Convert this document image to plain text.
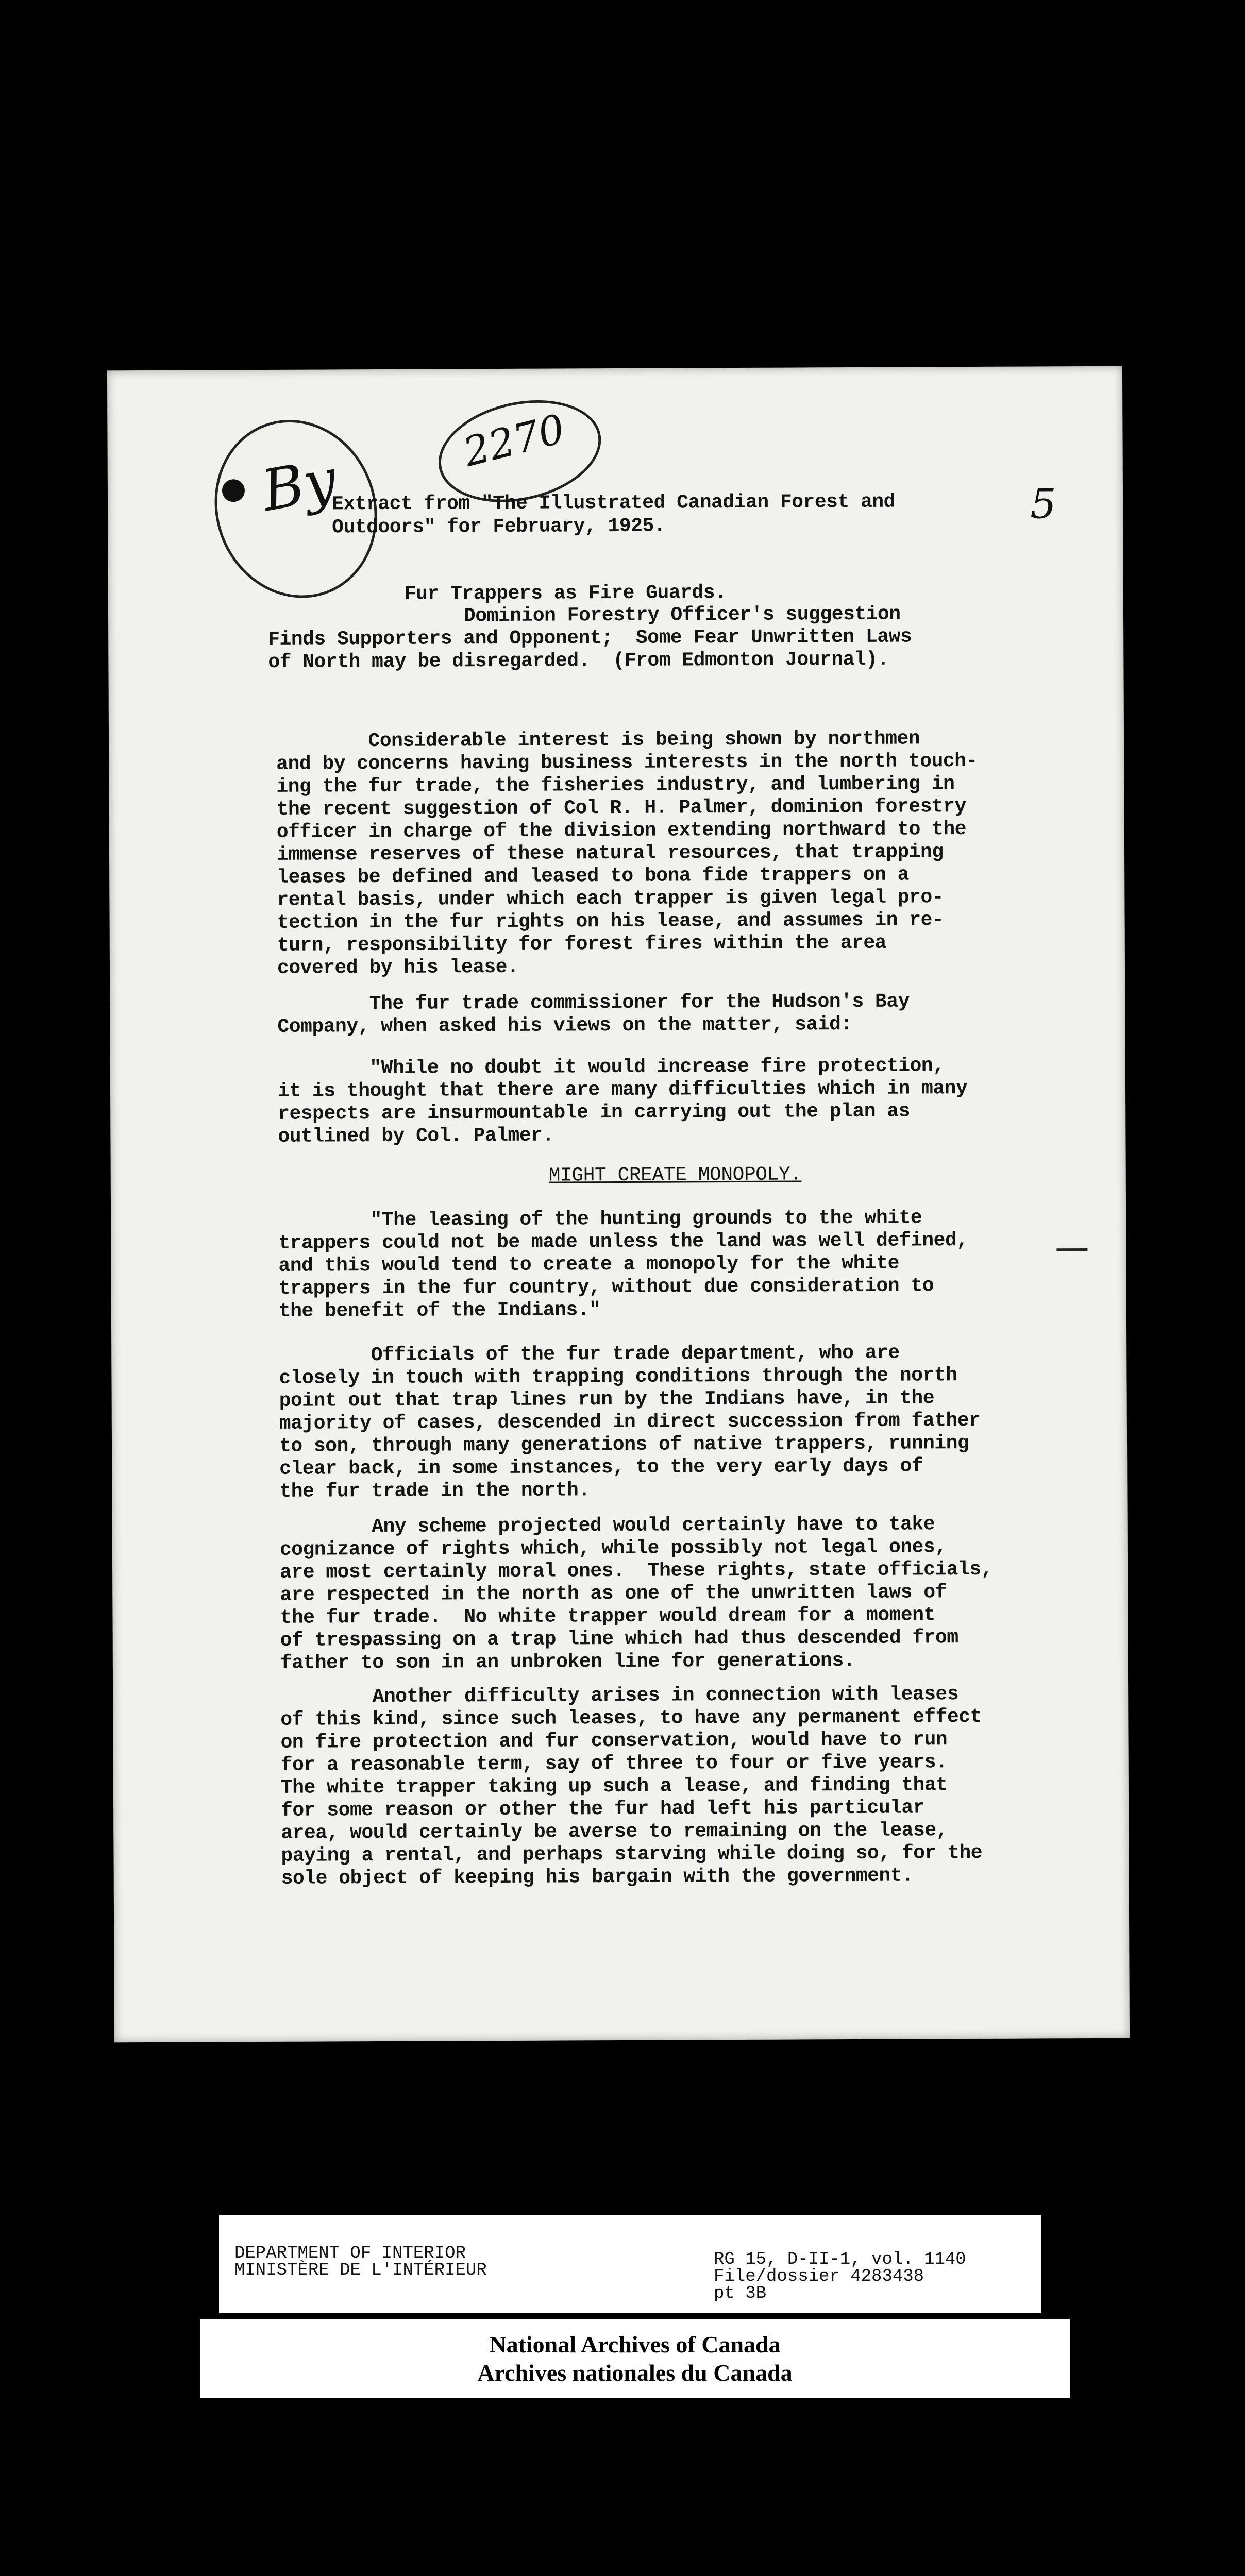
By
2270
5
Extract from "The Illustrated Canadian Forest and
Outdoors" for February, 1925.
Fur Trappers as Fire Guards.
Dominion Forestry Officer's suggestion
Finds Supporters and Opponent;  Some Fear Unwritten Laws
of North may be disregarded.  (From Edmonton Journal).
Considerable interest is being shown by northmen
and by concerns having business interests in the north touch-
ing the fur trade, the fisheries industry, and lumbering in
the recent suggestion of Col R. H. Palmer, dominion forestry
officer in charge of the division extending northward to the
immense reserves of these natural resources, that trapping
leases be defined and leased to bona fide trappers on a
rental basis, under which each trapper is given legal pro-
tection in the fur rights on his lease, and assumes in re-
turn, responsibility for forest fires within the area
covered by his lease.
The fur trade commissioner for the Hudson's Bay
Company, when asked his views on the matter, said:
"While no doubt it would increase fire protection,
it is thought that there are many difficulties which in many
respects are insurmountable in carrying out the plan as
outlined by Col. Palmer.
MIGHT CREATE MONOPOLY.
"The leasing of the hunting grounds to the white
trappers could not be made unless the land was well defined,
and this would tend to create a monopoly for the white
trappers in the fur country, without due consideration to
the benefit of the Indians."
Officials of the fur trade department, who are
closely in touch with trapping conditions through the north
point out that trap lines run by the Indians have, in the
majority of cases, descended in direct succession from father
to son, through many generations of native trappers, running
clear back, in some instances, to the very early days of
the fur trade in the north.
Any scheme projected would certainly have to take
cognizance of rights which, while possibly not legal ones,
are most certainly moral ones.  These rights, state officials,
are respected in the north as one of the unwritten laws of
the fur trade.  No white trapper would dream for a moment
of trespassing on a trap line which had thus descended from
father to son in an unbroken line for generations.
Another difficulty arises in connection with leases
of this kind, since such leases, to have any permanent effect
on fire protection and fur conservation, would have to run
for a reasonable term, say of three to four or five years.
The white trapper taking up such a lease, and finding that
for some reason or other the fur had left his particular
area, would certainly be averse to remaining on the lease,
paying a rental, and perhaps starving while doing so, for the
sole object of keeping his bargain with the government.
DEPARTMENT OF INTERIOR
MINISTÈRE DE L'INTÉRIEUR
RG 15, D-II-1, vol. 1140
File/dossier 4283438
pt 3B
National Archives of Canada
Archives nationales du Canada
